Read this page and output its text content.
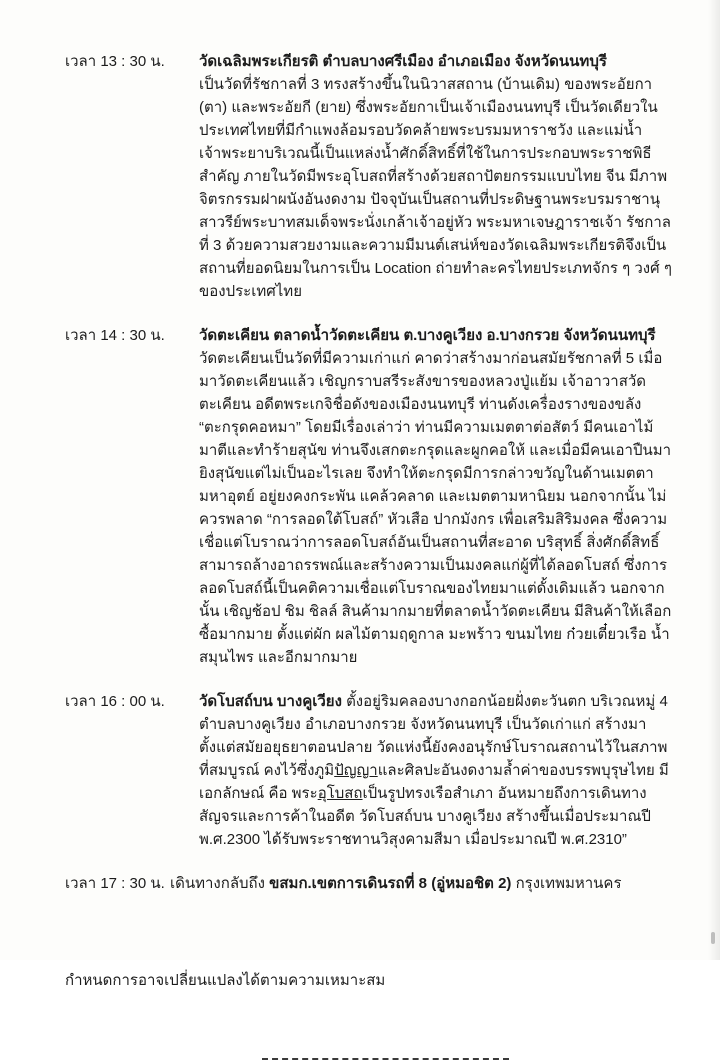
เวลา 13 : 30 น.	วัดเฉลิมพระเกียรติ ตำบลบางศรีเมือง อำเภอเมือง จังหวัดนนทบุรี

เป็นวัดที่รัชกาลที่ 3 ทรงสร้างขึ้นในนิวาสสถาน (บ้านเดิม) ของพระอัยกา (ตา) และพระอัยกี (ยาย) ซึ่งพระอัยกาเป็นเจ้าเมืองนนทบุรี เป็นวัดเดียวในประเทศไทยที่มีกำแพงล้อมรอบวัดคล้ายพระบรมมหาราชวัง และแม่น้ำเจ้าพระยาบริเวณนี้เป็นแหล่งน้ำศักดิ์สิทธิ์ที่ใช้ในการประกอบพระราชพิธีสำคัญ ภายในวัดมีพระอุโบสถที่สร้างด้วยสถาปัตยกรรมแบบไทย จีน มีภาพจิตรกรรมฝาผนังอันงดงาม ปัจจุบันเป็นสถานที่ประดิษฐานพระบรมราชานุสาวรีย์พระบาทสมเด็จพระนั่งเกล้าเจ้าอยู่หัว พระมหาเจษฎาราชเจ้า รัชกาลที่ 3 ด้วยความสวยงามและความมีมนต์เสน่ห์ของวัดเฉลิมพระเกียรติจึงเป็นสถานที่ยอดนิยมในการเป็น Location ถ่ายทำละครไทยประเภทจักร ๆ วงศ์ ๆ ของประเทศไทย

เวลา 14 : 30 น.	วัดตะเคียน ตลาดน้ำวัดตะเคียน ต.บางคูเวียง อ.บางกรวย จังหวัดนนทบุรี

วัดตะเคียนเป็นวัดที่มีความเก่าแก่ คาดว่าสร้างมาก่อนสมัยรัชกาลที่ 5 เมื่อมาวัดตะเคียนแล้ว เชิญกราบสรีระสังขารของหลวงปู่แย้ม เจ้าอาวาสวัดตะเคียน อดีตพระเกจิชื่อดังของเมืองนนทบุรี ท่านดังเครื่องรางของขลัง “ตะกรุดคอหมา” โดยมีเรื่องเล่าว่า ท่านมีความเมตตาต่อสัตว์ มีคนเอาไม้มาตีและทำร้ายสุนัข ท่านจึงเสกตะกรุดและผูกคอให้ และเมื่อมีคนเอาปืนมายิงสุนัขแต่ไม่เป็นอะไรเลย จึงทำให้ตะกรุดมีการกล่าวขวัญในด้านเมตตามหาอุตย์ อยู่ยงคงกระพัน แคล้วคลาด และเมตตามหานิยม นอกจากนั้น ไม่ควรพลาด “การลอดใต้โบสถ์” หัวเสือ ปากมังกร เพื่อเสริมสิริมงคล ซึ่งความเชื่อแต่โบราณว่าการลอดโบสถ์อันเป็นสถานที่สะอาด บริสุทธิ์ สิ่งศักดิ์สิทธิ์ สามารถล้างอาถรรพณ์และสร้างความเป็นมงคลแก่ผู้ที่ได้ลอดโบสถ์ ซึ่งการลอดโบสถ์นี้เป็นคติความเชื่อแต่โบราณของไทยมาแต่ดั้งเดิมแล้ว นอกจากนั้น เชิญช้อป ชิม ชิลล์ สินค้ามากมายที่ตลาดน้ำวัดตะเคียน มีสินค้าให้เลือกซื้อมากมาย ตั้งแต่ผัก ผลไม้ตามฤดูกาล มะพร้าว ขนมไทย ก๋วยเตี๋ยวเรือ น้ำสมุนไพร และอีกมากมาย

เวลา 16 : 00 น.	วัดโบสถ์บน บางคูเวียง ตั้งอยู่ริมคลองบางกอกน้อยฝั่งตะวันตก บริเวณหมู่ 4 ตำบลบางคูเวียง อำเภอบางกรวย จังหวัดนนทบุรี เป็นวัดเก่าแก่ สร้างมาตั้งแต่สมัยอยุธยาตอนปลาย วัดแห่งนี้ยังคงอนุรักษ์โบราณสถานไว้ในสภาพที่สมบูรณ์ คงไว้ซึ่งภูมิปัญญาและศิลปะอันงดงามล้ำค่าของบรรพบุรุษไทย มีเอกลักษณ์ คือ พระอุโบสถเป็นรูปทรงเรือสำเภา อันหมายถึงการเดินทางสัญจรและการค้าในอดีต วัดโบสถ์บน บางคูเวียง สร้างขึ้นเมื่อประมาณปี พ.ศ.2300 ได้รับพระราชทานวิสุงคามสีมา เมื่อประมาณปี พ.ศ.2310”

เวลา 17 : 30 น. เดินทางกลับถึง ขสมก.เขตการเดินรถที่ 8 (อู่หมอชิต 2) กรุงเทพมหานคร

กำหนดการอาจเปลี่ยนแปลงได้ตามความเหมาะสม
